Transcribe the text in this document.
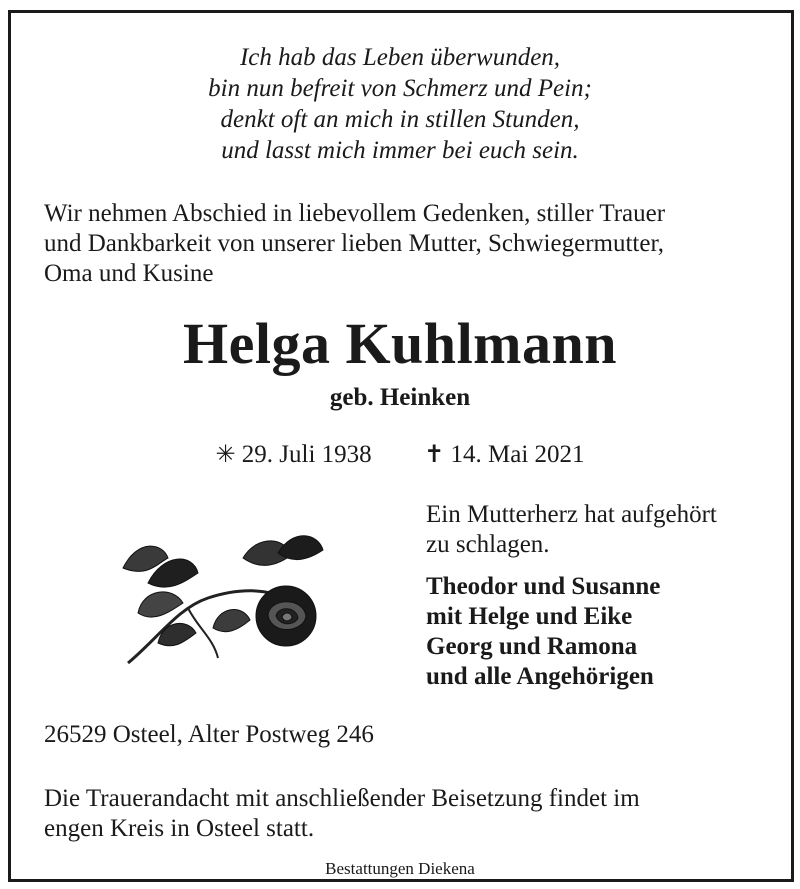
Ich hab das Leben überwunden,
bin nun befreit von Schmerz und Pein;
denkt oft an mich in stillen Stunden,
und lasst mich immer bei euch sein.
Wir nehmen Abschied in liebevollem Gedenken, stiller Trauer
und Dankbarkeit von unserer lieben Mutter, Schwiegermutter,
Oma und Kusine
Helga Kuhlmann
geb. Heinken
✳ 29. Juli 1938 ✝ 14. Mai 2021
Ein Mutterherz hat aufgehört
zu schlagen.
Theodor und Susanne
mit Helge und Eike
Georg und Ramona
und alle Angehörigen
26529 Osteel, Alter Postweg 246
Die Trauerandacht mit anschließender Beisetzung findet im
engen Kreis in Osteel statt.
Bestattungen Diekena
